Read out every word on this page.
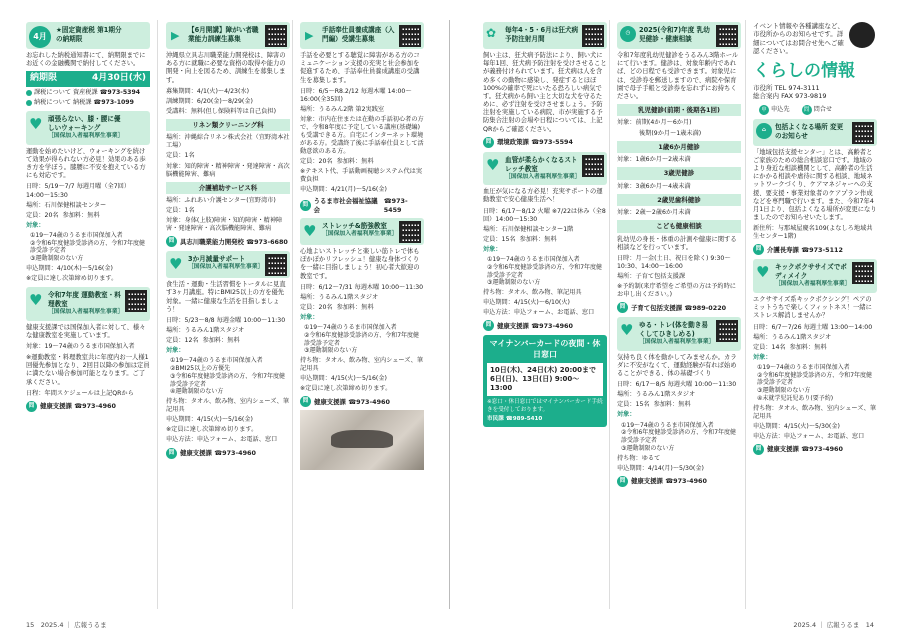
4月
★固定資産税 第1期分の納期限

お忘れした納税通知書にて、納期限までに お近くの金融機関で納付してください。

納期限	4月30日(水)
課税について 資産税課
☎973-5394
納税について 納税課
☎973-1099
♥ 頑張らない、膝・腰に優しいウォーキング
［国保加入者福利厚生事業］

運動を始めたいけど、ウォーキングを続けて効果が得られない方必見！効果のある歩き方を学ぼう。膝腰に不安を抱えている方にも対応です。

日時：5/19〜7/7 毎週月曜（全7回）14:00〜15:30
場所：石川保健相談センター
定員：20名
参加料：無料
対象：
①19〜74歳のうるま市国保加入者
②令和6年度健診受診済の方、令和7年度健診受診予定者
③運動制限のない方
申込期間：4/10(木)〜5/16(金)
※定員に達し次第締め切ります。
♥ 令和7年度 運動教室・料理教室
［国保加入者福利厚生事業］

健康支援課では国保加入者に対して、様々な健康教室を実施しています。

対象：19〜74歳のうるま市国保加入者

※運動教室・料理教室共に年度内お一人様1回優先参加となり、2回目以降の参加は定員に満たない場合参加可能となります。ご了承ください。

日程：年間スケジュールは上記QRから
問 健康支援課
☎973-4960
▶ 【6月開講】障がい者職業能力訓練生募集

沖縄県立具志川職業能力開発校は、障害のある方に就職に必要な資格の取得や能力の開発・向上を図るため、訓練生を募集します。

募集期間：4/1(火)〜4/23(水)
訓練期間：6/20(金)〜8/29(金)
受講料：無料(但し保険料等は自己負担)
リネン類クリーニング科
場所：沖縄綜合リネン株式会社（宜野湾本社工場）
定員：1名
対象：知的障害・精神障害・発達障害・高次脳機能障害、難病
介護補助サービス科
場所：ふれあい介護センター(宜野湾市)
定員：1名
対象：身体(上肢)障害・知的障害・精神障害・発達障害・高次脳機能障害、難病
問 具志川職業能力開発校
☎973-6680
♥ 3か月減量サポート
［国保加入者福利厚生事業］

食生活・運動・生活習慣をトータルに見直す3ヶ月講座。特にBMI25以上の方を優先対象。一緒に健康な生活を目指しましょう！

日時：5/23〜8/8 毎週金曜 10:00〜11:30
場所：うるみん1階スタジオ
定員：12名
参加料：無料
対象：
①19〜74歳のうるま市国保加入者
②BMI25以上の方優先
③令和6年度健診受診済の方、令和7年度健診受診予定者
④運動制限のない方
持ち物：タオル、飲み物、室内シューズ、筆記用具
申込期間：4/15(火)〜5/16(金)
※定員に達し次第締め切ります。
申込方法：申込フォーム、お電話、窓口
問 健康支援課
☎973-4960
▶ 手話奉仕員養成講座（入門編）受講生募集

手話を必要とする聴覚に障害がある方のコミュニケーション支援の充実と社会参加を促進するため、手話奉仕員養成講座の受講生を募集します。

日時：6/5〜R8.2/12 毎週木曜 14:00〜16:00(全35回)
場所：うるみん2階 第2実践室
対象：市内在住または在勤の手話初心者の方で、令和8年度に予定している講座(基礎編)も受講できる方。自宅にインターネット環境がある方。受講終了後に手話奉仕員として活動意欲のある方。
定員：20名
参加料：無料
※テキスト代、手話動画視聴システム代は実費負担
申込期間：4/21(月)〜5/16(金)
問 うるま市社会福祉協議会

☎973-5459
♥ ストレッチ&筋強教室
［国保加入者福利厚生事業］

心地よいストレッチと楽しい筋トレで体もぽかぽかリフレッシュ！健康な身体づくりを一緒に目指しましょう！初心者大歓迎の教室です。

日時：6/12〜7/31 毎週木曜 10:00〜11:30
場所：うるみん1階スタジオ
定員：20名
参加料：無料
対象：
①19〜74歳のうるま市国保加入者
②令和6年度健診受診済の方、令和7年度健診受診予定者
③運動制限のない方
持ち物：タオル、飲み物、室内シューズ、筆記用具
申込期間：4/15(火)〜5/16(金)
※定員に達し次第締め切ります。
問 健康支援課
☎973-4960
✿ 毎年4・5・6月は狂犬病予防注射月間

飼い主は、狂犬病予防法により、飼い犬に毎年1回、狂犬病予防注射を受けさせることが義務付けられています。狂犬病は人を含め多くの動物に感染し、発症するとほぼ100%の確率で死にいたる恐ろしい病気です。狂犬病から飼い主と大切な犬を守るために、必ず注射を受けさせましょう。予防注射を実施している病院、市が実施する予防集合注射の会場や日程については、上記QRからご確認ください。

問 環境政策課
☎973-5594
♥ 血管が柔らかくなるストレッチ教室
［国保加入者福利厚生事業］

血圧が気になる方必見！充実サポートの運動教室で安心健康生活へ！

日時：6/17〜8/12 火曜 ※7/22は休み（全8回）14:00〜15:30
場所：石川保健相談センター1階
定員：15名
参加料：無料
対象：
①19〜74歳のうるま市国保加入者
②令和6年度健診受診済の方、令和7年度健診受診予定者
③運動制限のない方
持ち物：タオル、飲み物、筆記用具
申込期間：4/15(火)〜6/10(火)
申込方法：申込フォーム、お電話、窓口
問 健康支援課
☎973-4960
マイナンバーカードの夜間・休日窓口
10日(木)、24日(木) 20:00まで
6日(日)、13日(日) 9:00〜13:00
※窓口・休日窓口ではマイナンバーカード手続きを受付しております。
市民課 ☎989-5410
◷	2025(令和7)年度 乳幼児健診・健康相談

令和7年度乳幼児健診をうるみん3階ホールにて行います。健診は、対象年齢内であれば、どの日程でも受診できます。対象児には、受診券を郵送しますので、病院や保育園で母子手帳と受診券を忘れずにお持ちください。

乳児健診(前期・後期各1回)
対象：前期(4か月〜6か月)
後期(9か月〜1歳未満)
1歳6か月健診
対象：1歳6か月〜2歳未満
3歳児健診
対象：3歳6か月〜4歳未満
2歳児歯科健診
対象：2歳〜2歳6か月未満
こども健康相談

乳幼児の身長・体重の計測や健康に関する相談などを行っています。

日時：月一金(土日、祝日を除く) 9:30〜10:30、14:00〜16:00
場所：子育て包括支援課
※予約制(来庁希望をご希望の方は予約時にお申し出ください。)
問 子育て包括支援課
☎989-0220
♥ ゆる・トレ(体を動き易くしてひきしめる)
［国保加入者福利厚生事業］

気持ち良く体を動かしてみませんか。カラダに不安がなくて、運動経験が有れば始めることができる、体の基礎づくり

日時：6/17〜8/5 毎週火曜 10:00〜11:30
場所：うるみん1階スタジオ
定員：15名
参加料：無料
対象：
①19〜74歳のうるま市国保加入者
②令和6年度健診受診済の方、令和7年度健診受診予定者
③運動制限のない方
持ち物：ゆるて
申込期間：4/14(月)〜5/30(金)
問 健康支援課
☎973-4960
イベント情報や各種講座など、市役所からのお知らせです。詳細についてはお問合せ先へご確認ください。
くらしの情報
市役所 TEL 974-3111
総合案内 FAX 973-9819
申 申込先	問 問合せ
⌂	包括よくなる場所 変更のお知らせ

「地域包括支援センター」とは、高齢者とご家族のための総合相談窓口です。地域のより身近な相談機関として、高齢者の生活にかかる相談や虐待に関する相談、地域ネットワークづくり、ケアマネジャーへの支援、要支援・事業対象者のケアプラン作成などを専門職で行います。また、今和7年4月1日より、包括よくなる場所が変更になりましたのでお知らせいたします。

新住所：与那城屋慶名109(よなしろ地域共生センター1階)
問 介護長寿課
☎973-5112
♥ キックボクササイズでボディメイク
［国保加入者福利厚生事業］

エクササイズ系キックボクシング！ペアのミットうちで楽しくフィットネス！一緒にストレス解消しませんか？

日時：6/7〜7/26 毎週土曜 13:00〜14:00
場所：うるみん1階スタジオ
定員：14名
参加料：無料
対象：
①19〜74歳のうるま市国保加入者
②令和6年度健診受診済の方、令和7年度健診受診予定者
③運動制限のない方
④未就学児託児あり(要予約)
持ち物：タオル、飲み物、室内シューズ、筆記用具
申込期間：4/15(火)〜5/30(金)
申込方法：申込フォーム、お電話、窓口
問 健康支援課
☎973-4960
15　2025.4 ｜ 広報うるま	2025.4 ｜ 広報うるま　14
